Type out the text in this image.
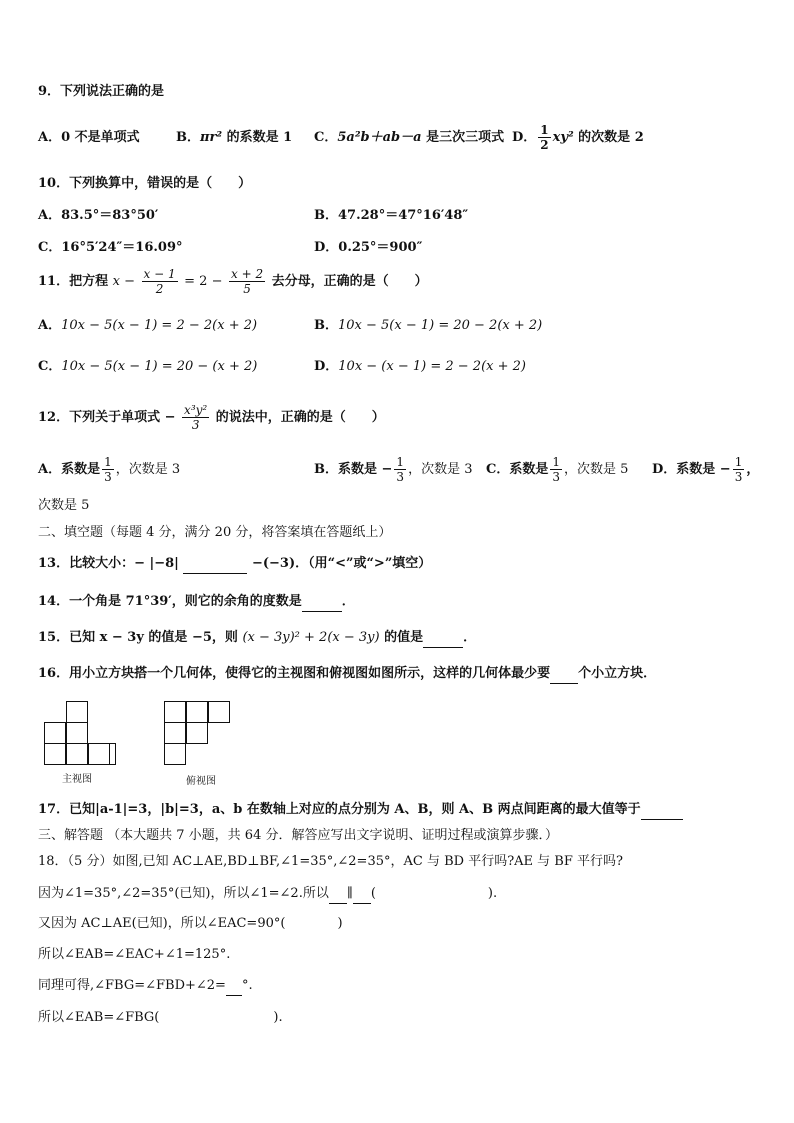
9．下列说法正确的是
A．0 不是单项式	B．πr² 的系数是 1 C．5a²b＋ab－a 是三次三项式 D． $\frac{1}{2} xy^2$ 的次数是 2
10．下列换算中，错误的是（　　）
A．83.5°＝83°50′	B．47.28°＝47°16′48″
C．16°5′24″＝16.09°	D．0.25°＝900″
11．把方程 $x - \frac{x - 1}{2} = 2 - \frac{x + 2}{5}$ 去分母，正确的是（　　）
A．10x − 5(x − 1) = 2 − 2(x + 2)	B．10x − 5(x − 1) = 20 − 2(x + 2)
C．10x − 5(x − 1) = 20 − (x + 2)	D．10x − (x − 1) = 2 − 2(x + 2)
12．下列关于单项式 − $\frac{\text{x³y²}}{3}$ 的说法中，正确的是（　　）
A．系数是 $\frac{1}{3}$ ，次数是 3	B．系数是 − $\frac{1}{3}$ ，次数是 3 C．系数是 $\frac{1}{3}$ ，次数是 5 D．系数是 − $\frac{1}{3}$ ，
次数是 5
二、填空题（每题 4 分，满分 20 分，将答案填在答题纸上）
13．比较大小：− |−8|	−(−3)．（用“<”或“>”填空）
14．一个角是 71°39′，则它的余角的度数是	．
15．已知 x − 3y 的值是 −5，则 (x − 3y)² + 2(x − 3y) 的值是	．
16．用小立方块搭一个几何体，使得它的主视图和俯视图如图所示，这样的几何体最少要 个小立方块．
主视图	俯视图
17．已知|a-1|=3，|b|=3，a、b 在数轴上对应的点分别为 A、B，则 A、B 两点间距离的最大值等于
三、解答题 （本大题共 7 小题，共 64 分．解答应写出文字说明、证明过程或演算步骤．）
18．（5 分）如图,已知 AC⊥AE,BD⊥BF,∠1=35°,∠2=35°，AC 与 BD 平行吗?AE 与 BF 平行吗?
因为∠1=35°,∠2=35°(已知)，所以∠1=∠2.所以 ∥ (	).
又因为 AC⊥AE(已知)，所以∠EAC=90°(	)
所以∠EAB=∠EAC+∠1=125°.
同理可得,∠FBG=∠FBD+∠2= °.
所以∠EAB=∠FBG(	).
